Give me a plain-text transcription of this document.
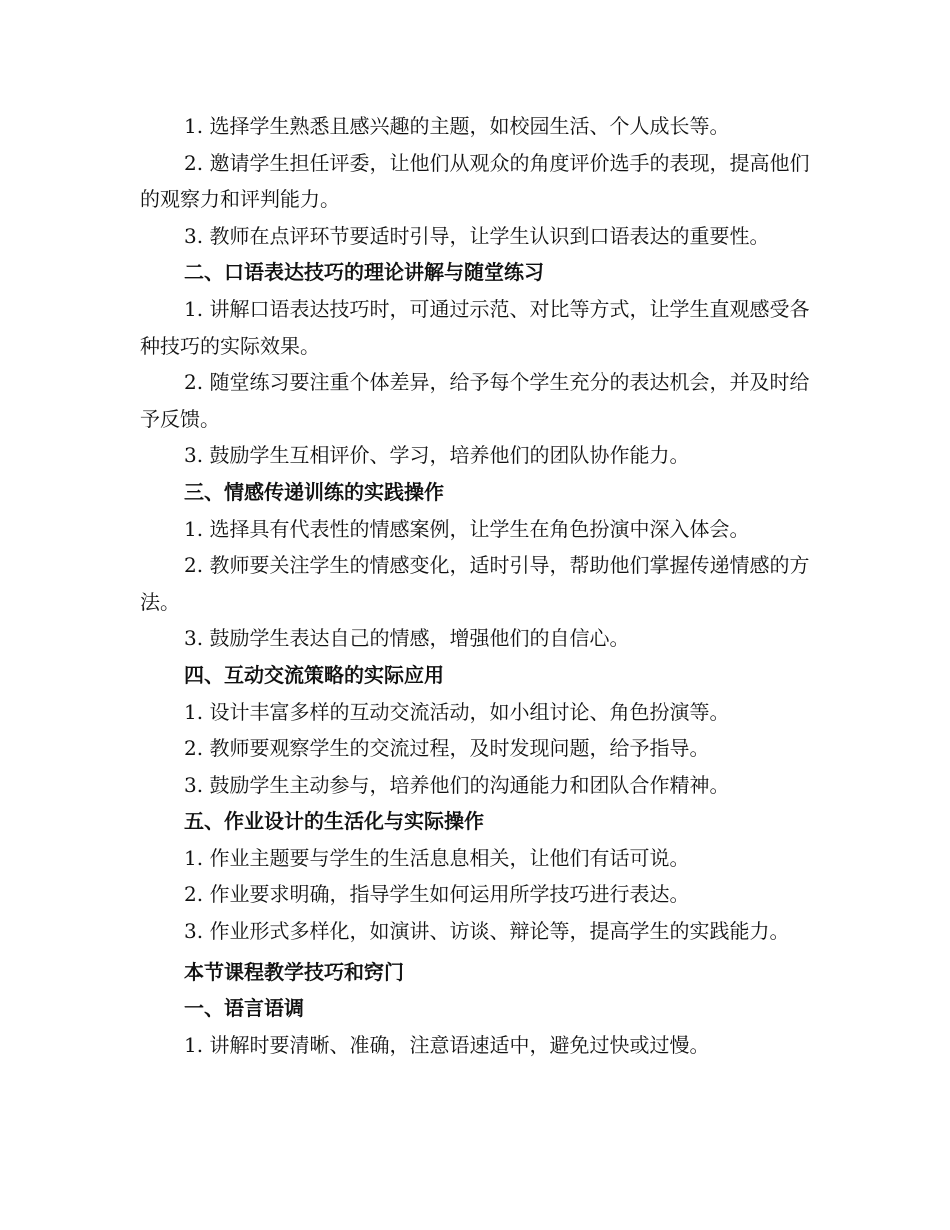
1. 选择学生熟悉且感兴趣的主题，如校园生活、个人成长等。

2. 邀请学生担任评委，让他们从观众的角度评价选手的表现，提高他们的观察力和评判能力。

3. 教师在点评环节要适时引导，让学生认识到口语表达的重要性。

二、口语表达技巧的理论讲解与随堂练习

1. 讲解口语表达技巧时，可通过示范、对比等方式，让学生直观感受各种技巧的实际效果。

2. 随堂练习要注重个体差异，给予每个学生充分的表达机会，并及时给予反馈。

3. 鼓励学生互相评价、学习，培养他们的团队协作能力。

三、情感传递训练的实践操作

1. 选择具有代表性的情感案例，让学生在角色扮演中深入体会。

2. 教师要关注学生的情感变化，适时引导，帮助他们掌握传递情感的方法。

3. 鼓励学生表达自己的情感，增强他们的自信心。

四、互动交流策略的实际应用

1. 设计丰富多样的互动交流活动，如小组讨论、角色扮演等。

2. 教师要观察学生的交流过程，及时发现问题，给予指导。

3. 鼓励学生主动参与，培养他们的沟通能力和团队合作精神。

五、作业设计的生活化与实际操作

1. 作业主题要与学生的生活息息相关，让他们有话可说。

2. 作业要求明确，指导学生如何运用所学技巧进行表达。

3. 作业形式多样化，如演讲、访谈、辩论等，提高学生的实践能力。

本节课程教学技巧和窍门

一、语言语调

1. 讲解时要清晰、准确，注意语速适中，避免过快或过慢。
